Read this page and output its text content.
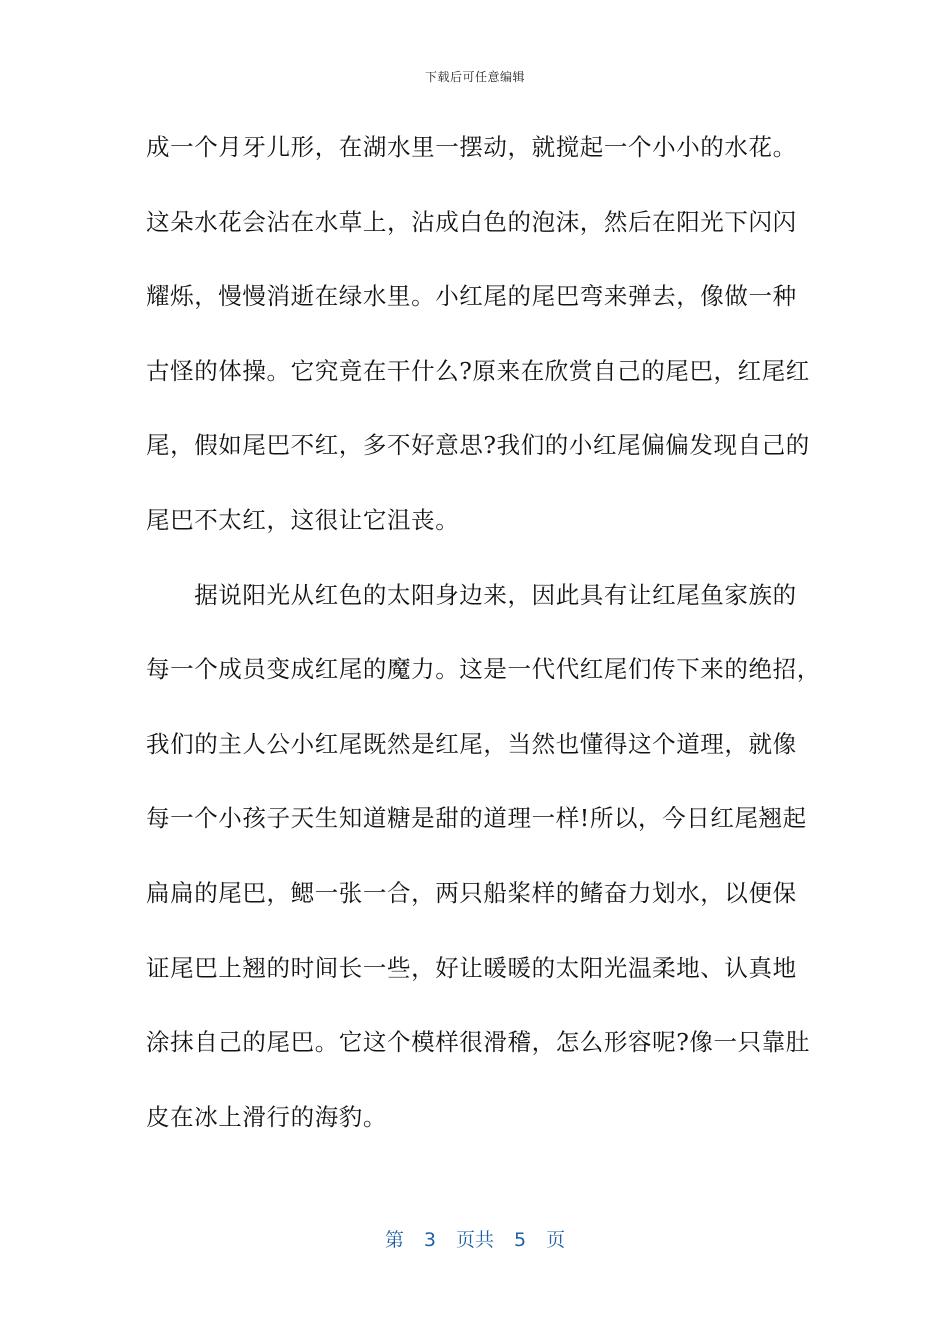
下载后可任意编辑
成一个月牙儿形，在湖水里一摆动，就搅起一个小小的水花。
这朵水花会沾在水草上，沾成白色的泡沫，然后在阳光下闪闪
耀烁，慢慢消逝在绿水里。小红尾的尾巴弯来弹去，像做一种
古怪的体操。它究竟在干什么?原来在欣赏自己的尾巴，红尾红
尾，假如尾巴不红，多不好意思?我们的小红尾偏偏发现自己的
尾巴不太红，这很让它沮丧。
　　据说阳光从红色的太阳身边来，因此具有让红尾鱼家族的
每一个成员变成红尾的魔力。这是一代代红尾们传下来的绝招，
我们的主人公小红尾既然是红尾，当然也懂得这个道理，就像
每一个小孩子天生知道糖是甜的道理一样!所以，今日红尾翘起
扁扁的尾巴，鳃一张一合，两只船桨样的鳍奋力划水，以便保
证尾巴上翘的时间长一些，好让暖暖的太阳光温柔地、认真地
涂抹自己的尾巴。它这个模样很滑稽，怎么形容呢?像一只靠肚
皮在冰上滑行的海豹。
第 3 页共 5 页
